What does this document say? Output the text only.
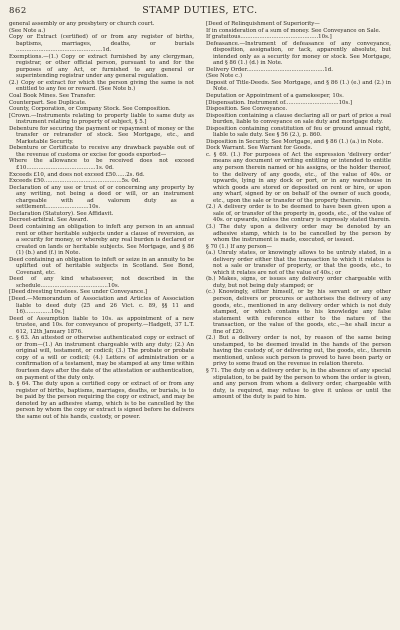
862	STAMP DUTIES, ETC.

general assembly or any presbytery or church court.

(See Note a.)

Copy or Extract (certified) of or from any register of births, baptisms, marriages, deaths, or burials ..................................................1d.

Exemptions.—(1.) Copy or extract furnished by any clergyman, registrar, or other official person, pursuant to and for the purposes of any Act, or furnished to any general or superintending registrar under any general regulation.

(2.) Copy or extract for which the person giving the same is not entitled to any fee or reward. (See Note b.)

Coal Book Mines. See Transfer.

Counterpart. See Duplicate.

County, Corporation, or Company Stock. See Composition.

[Crown.—Instruments relating to property liable to same duty as instrument relating to property of subject, § 5.]

Debenture for securing the payment or repayment of money or the transfer or retransfer of stock. See Mortgage, etc., and Marketable Security.

Debenture or Certificate to receive any drawback payable out of the revenue of customs or excise for goods exported—

Where the allowance to be received does not exceed £10........................................1s. 0d.

Exceeds £10, and does not exceed £50......2s. 6d.

Exceeds £50.............................................5s. 0d.

Declaration of any use or trust of or concerning any property by any writing, not being a deed or will, or an instrument chargeable with ad valorem duty as a settlement.........................10s.

Declaration (Statutory). See Affidavit.

Decreet-arbitral. See Award.

Deed containing an obligation to infeft any person in an annual rent or other heritable subjects under a clause of reversion, as a security for money, or whereby any real burden is declared or created on lands or heritable subjects. See Mortgage, and § 86 (1) (b.) and (f.) in Note.

Deed containing an obligation to infeft or seize in an annuity to be uplifted out of heritable subjects in Scotland. See Bond, Covenant, etc.

Deed of any kind whatsoever, not described in the schedule.......................................10s.

[Deed divesting trustees. See under Conveyance.]

[Deed.—Memorandum of Association and Articles of Association liable to deed duty (25 and 26 Vict. c. 89, §§ 11 and 16)...............10s.]

Deed of Assumption liable to 10s. as appointment of a new trustee, and 10s. for conveyance of property.—Hadgett, 37 L.T. 612, 12th January 1876.

c. § 63. An attested or otherwise authenticated copy or extract of or from—(1.) An instrument chargeable with any duty; (2.) An original will, testament, or codicil; (3.) The probate or probate copy of a will or codicil; (4.) Letters of administration or a confirmation of a testament, may be stamped at any time within fourteen days after the date of the attestation or authentication, on payment of the duty only.

b. § 64. The duty upon a certified copy or extract of or from any register of births, baptisms, marriages, deaths, or burials, is to be paid by the person requiring the copy or extract, and may be denoted by an adhesive stamp, which is to be cancelled by the person by whom the copy or extract is signed before he delivers the same out of his hands, custody, or power.

[Deed of Relinquishment of Superiority—

If in consideration of a sum of money. See Conveyance on Sale.

If gratuitous.............................................10s.]

Defeasance.—Instrument of defeasance of any conveyance, disposition, assignation, or tack, apparently absolute, but intended only as a security for money or stock. See Mortgage, and § 86 (1.) (d.) in Note.

Delivery Order.............................................1d.

(See Note c.)

Deposit of Title-Deeds. See Mortgage, and § 86 (1.) (e.) and (2.) in Note.

Deputation or Appointment of a gamekeeper, 10s.

[Dispensation. Instrument of...............................10s.]

Disposition. See Conveyance.

Disposition containing a clause declaring all or part of price a real burden, liable to conveyance on sale duty and mortgage duty.

Disposition containing constitution of feu or ground annual right, liable to sale duty. See § 56 (2.), p. 860.

Disposition in Security. See Mortgage, and § 86 (1.) (a.) in Note.

Dock Warrant. See Warrant for Goods.

c. § 69. (1.) For purposes of Act the expression 'delivery order' means any document or writing entitling or intended to entitle any person therein named or his assigns, or the holder thereof, to the delivery of any goods, etc., of the value of 40s. or upwards, lying in any dock or port, or in any warehouse in which goods are stored or deposited on rent or hire, or upon any wharf, signed by or on behalf of the owner of such goods, etc., upon the sale or transfer of the property therein.

(2.) A delivery order is to be deemed to have been given upon a sale of, or transfer of the property in, goods, etc., of the value of 40s. or upwards, unless the contrary is expressly stated therein.

(3.) The duty upon a delivery order may be denoted by an adhesive stamp, which is to be cancelled by the person by whom the instrument is made, executed, or issued.

§ 70 (1.) If any person—

(a.) Unruly states, or knowingly allows to be untruly stated, in a delivery order either that the transaction to which it relates is not a sale or transfer of property, or that the goods, etc., to which it relates are not of the value of 40s.; or

(b.) Makes, signs, or issues any delivery order chargeable with duty, but not being duly stamped; or

(c.) Knowingly, either himself, or by his servant or any other person, delivers or procures or authorises the delivery of any goods, etc., mentioned in any delivery order which is not duly stamped, or which contains to his knowledge any false statement with reference either to the nature of the transaction, or the value of the goods, etc.,—he shall incur a fine of £20.

(2.) But a delivery order is not, by reason of the same being unstamped, to be deemed invalid in the hands of the person having the custody of, or delivering out, the goods, etc., therein mentioned, unless such person is proved to have been party or privy to some fraud on the revenue in relation thereto.

§ 71. The duty on a delivery order is, in the absence of any special stipulation, to be paid by the person to whom the order is given, and any person from whom a delivery order, chargeable with duty, is required, may refuse to give it unless or until the amount of the duty is paid to him.
